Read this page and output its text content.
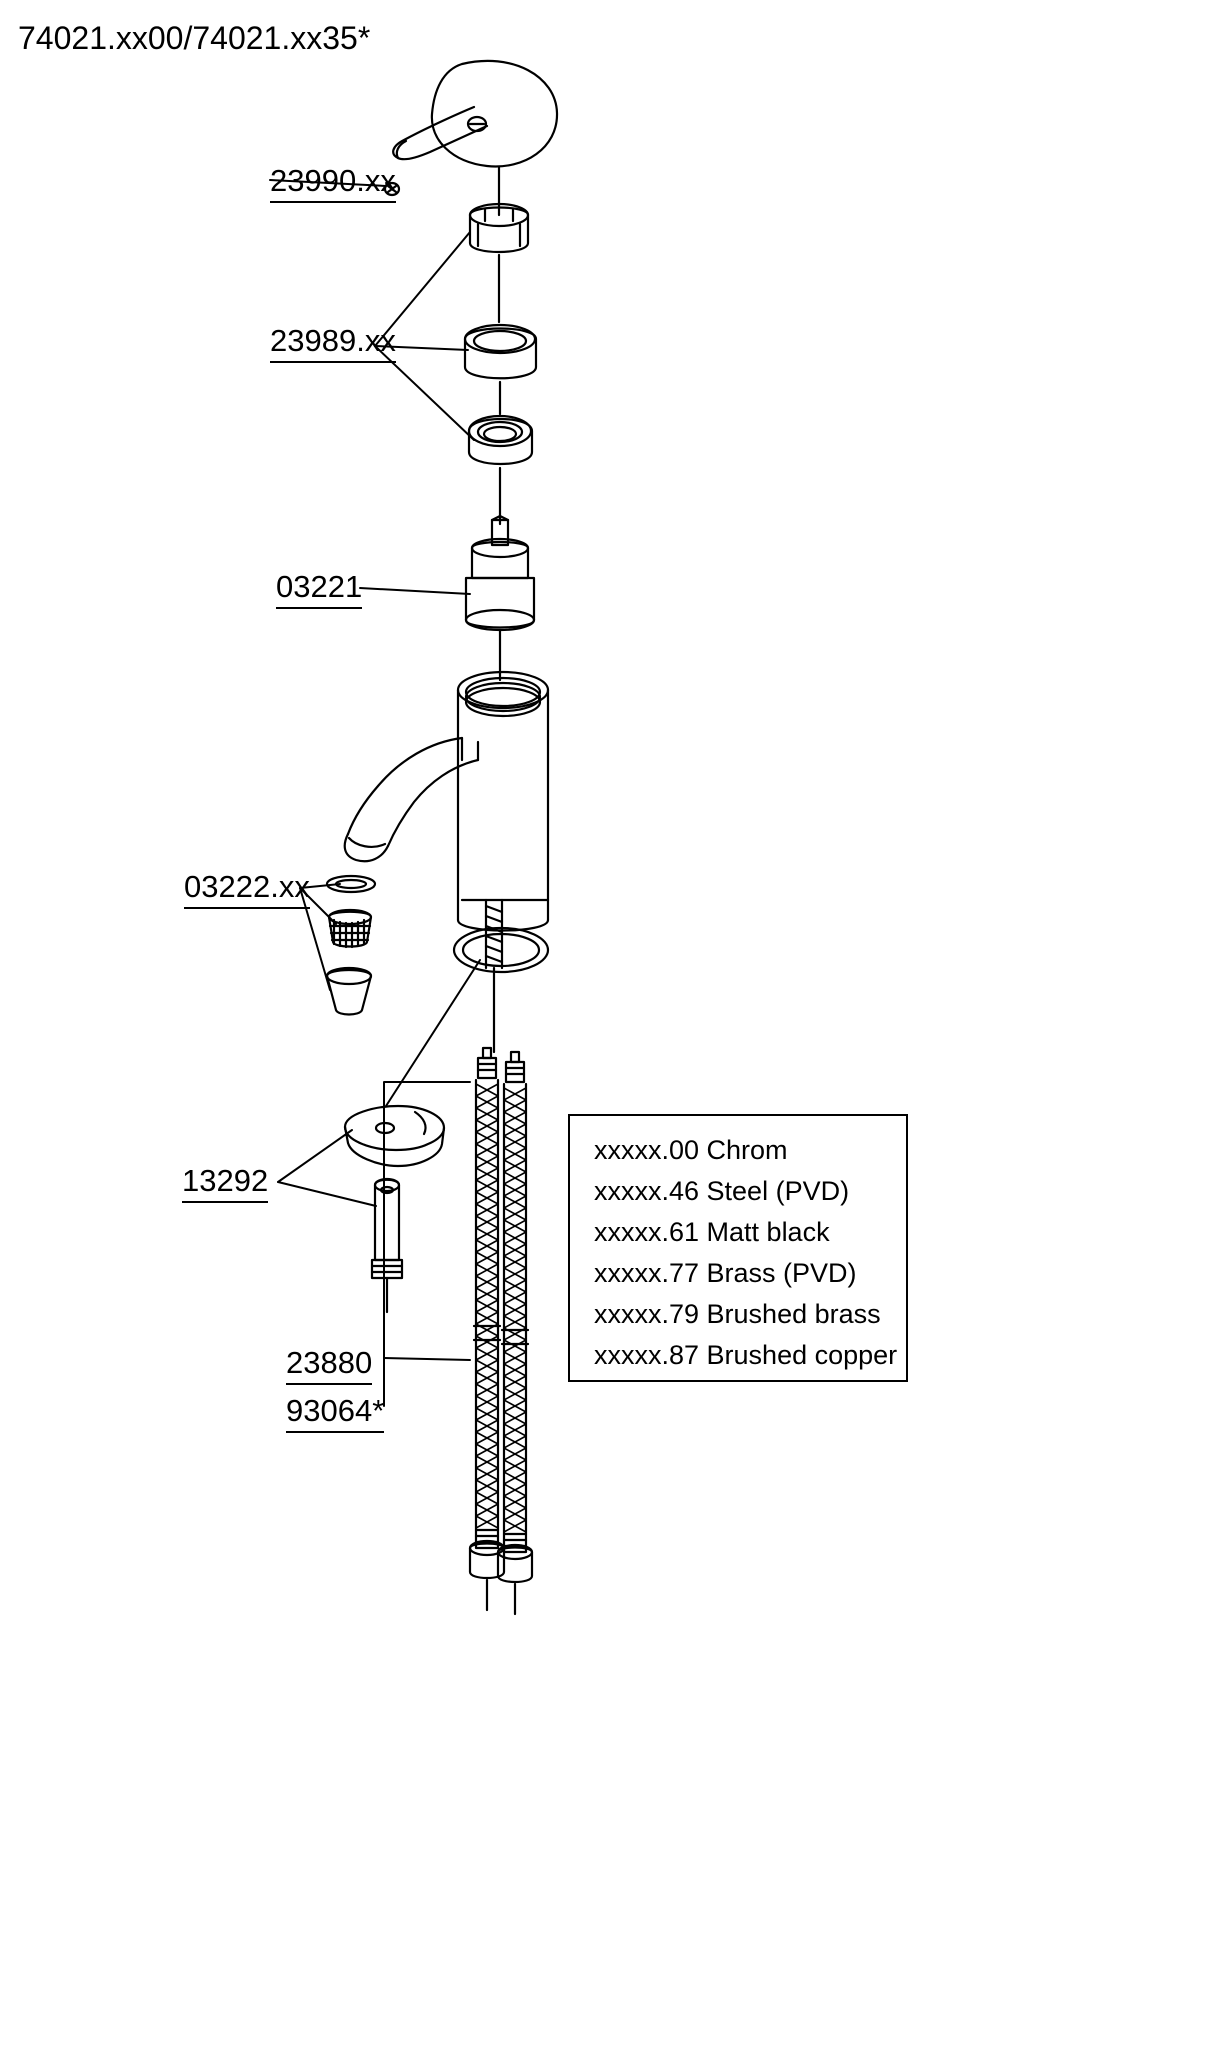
74021.xx00/74021.xx35*
23990.xx
23989.xx
03221
03222.xx
13292
23880
93064*
xxxxx.00 Chrom
xxxxx.46 Steel (PVD)
xxxxx.61 Matt black
xxxxx.77 Brass (PVD)
xxxxx.79 Brushed brass
xxxxx.87 Brushed copper
